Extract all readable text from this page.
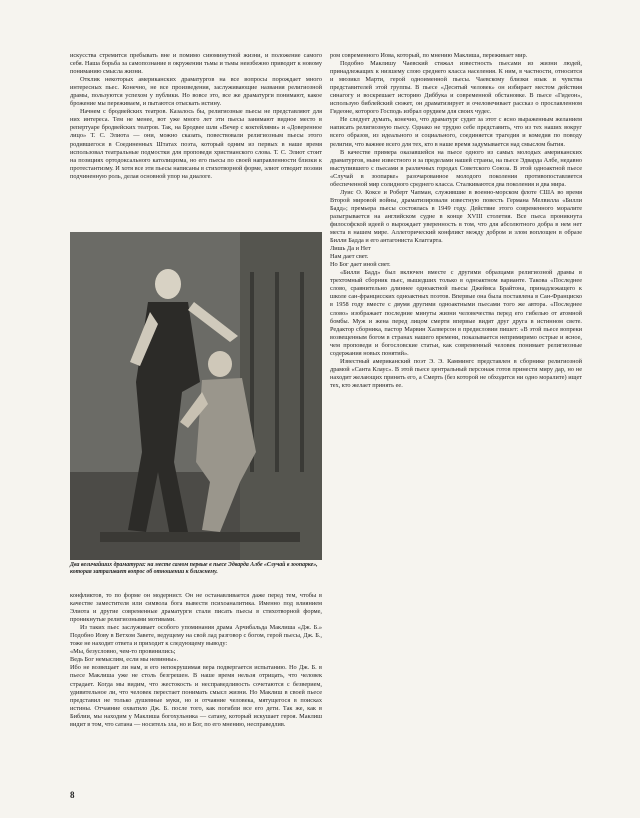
искусства стремится пребывать вне и помимо сиюминутной жизни, и положение самого себя. Наша борьба за самопознание в окружении тьмы и тьмы неизбежно приводит к новому пониманию смысла жизни.

Отклик некоторых американских драматургов на все вопросы порождает много интересных пьес. Конечно, не все произведения, заслуживающие названия религиозной драмы, пользуются успехом у публики. Но вовсе это, все же драматурги понимают, какое брожение мы переживаем, и пытаются отыскать истину.

Начнем с бродвейских театров. Казалось бы, религиозные пьесы не представляют для них интереса. Тем не менее, вот уже много лет эти пьесы занимают видное место в репертуаре бродвейских театров. Так, на Бродвее шли «Вечер с коктейлями» и «Доверенное лицо» Т. С. Элиота — они, можно сказать, повествовали религиозным пьесы этого родившегося в Соединенных Штатах поэта, который одним из первых в наше время использовал театральные подмостки для проповеди христианского слова. Т. С. Элиот стоит на позициях ортодоксального католицизма, но его пьесы по своей направленности близки к протестантизму. И хотя все эти пьесы написаны в стихотворной форме, элиот отводит поэзии подчиненную роль, делая основной упор на диалоге.

Два величайших драматурга: на месте самом первые в пьесе Эдварда Албе «Случай в зоопарке», которая затрагивает вопрос об отношении к ближнему.

конфликтов, то по форме он модернист. Он не останавливается даже перед тем, чтобы в качестве заместителя или символа бога вывести психоаналитика. Именно под влиянием Элиота и другие современные драматурги стали писать пьесы в стихотворной форме, проникнутые религиозными мотивами.

Из таких пьес заслуживает особого упоминания драма Арчибальда Маклиша «Дж. Б.» Подобно Иову в Ветхом Завете, ведущему на свой лад разговор с богом, герой пьесы, Дж. Б., тоже не находит ответа и приходит к следующему выводу:

«Мы, безусловно, чем-то провинились;
Ведь Бог немыслим, если мы невинны».

Ибо не возвещает ли нам, и его непокрушимая вера подвергается испытанию. Но Дж. Б. в пьесе Маклиша уже не столь безгрешен. В наше время нельзя отрицать, что человек страдает. Когда мы видим, что жестокость и несправедливость сочетаются с безверием, удивительное ли, что человек перестает понимать смысл жизни. Но Маклиш в своей пьесе представил не только душевные муки, но и отчаяние человека, мятущегося в поисках истины. Отчаяние охватило Дж. Б. после того, как погибли все его дети. Так же, как в Библии, мы находим у Маклиша богохульника — сатану, который искушает героя. Маклиш видит в том, что сатана — носитель зла, но и Бог, по его мнению, несправедлив.

ром современного Иова, который, по мнению Маклиша, переживает мир.

Подобно Маклишу Чаевский стяжал известность пьесами из жизни людей, принадлежащих к низшему слою среднего класса населения. К ним, в частности, относится и мюзикл Марти, герой одноименной пьесы. Чаевскому близки язык и чувства представителей этой группы. В пьесе «Десятый человек» он избирает местом действия синагогу и воскрешает историю Диббука и современной обстановке. В пьесе «Гидеон», использую библейский сюжет, он драматизирует и очеловечивает рассказ о прославленном Гидеоне, которого Господь избрал орудием для своих чудес.

Не следует думать, конечно, что драматург судит за этот с ясно выраженным желанием написать религиозную пьесу. Однако не трудно себе представить, что из тех наших вокруг всего образов, из идеального и социального, соединяется трагедия и комедия по поводу религии, что важнее всего для тех, кто в наше время задумывается над смыслом бытия.

В качестве примера оказавшейся на пьесе одного из самых молодых американских драматургов, ныне известного и за пределами нашей страны, на пьесе Эдварда Албе, недавно выступившего с пьесами в различных городах Советского Союза. В этой одноактной пьесе «Случай в зоопарке» разочарованное молодого поколения противопоставляется обеспеченной мир солидного среднего класса. Сталкиваются два поколения и два мира.

Луис О. Коксе и Роберт Чапман, служившие в военно-морском флоте США во время Второй мировой войны, драматизировали известную повесть Германа Мелвилла «Билли Бадд»; премьера пьесы состоялась в 1949 году. Действие этого современного моралите разыгрывается на английском судне в конце XVIII столетия. Все пьеса проникнута философской идеей о вырождает уверенность в том, что для абсолютного добра в нем нет места в нашем мире. Аллегорический конфликт между добром и злом воплощен в образе Билли Бадда и его антагониста Клаггарта.

Лишь Да и Нет
Нам дает свет.
Но Бог дает иной свет.

«Билли Бадд» был включен вместе с другими образцами религиозной драмы в трехтомный сборник пьес, вышедших только в одноактном варианте. Такова «Последнее слово, сравнительно длиннее одноактной пьесы Джеймса Брайтона, принадлежащего к школе сан-францисских одноактных поэтов. Впервые она была поставлена в Сан-Франциско в 1958 году вместе с двумя другими одноактными пьесами того же автора. «Последнее слово» изображает последние минуты жизни человечества перед его гибелью от атомной бомбы. Муж и жена перед лицом смерти впервые видят друг друга в истинном свете. Редактор сборника, пастор Марвин Халверсон в предисловии пишет: «В этой пьесе вопреки возвещенным богом в странах нашего времени, показывается непримиримо острые и ясное, чем проповеди и богословские статьи, как современный человек понимает религиозные содержания новых понятий».

Известный американский поэт Э. Э. Каммингс представлен в сборнике религиозной драмой «Санта Клаус». В этой пьесе центральный персонаж готов принести миру дар, но не находит желающих принять его, а Смерть (без которой не обходится ни одно моралите) ищет тех, кто желает принять ее.

8
